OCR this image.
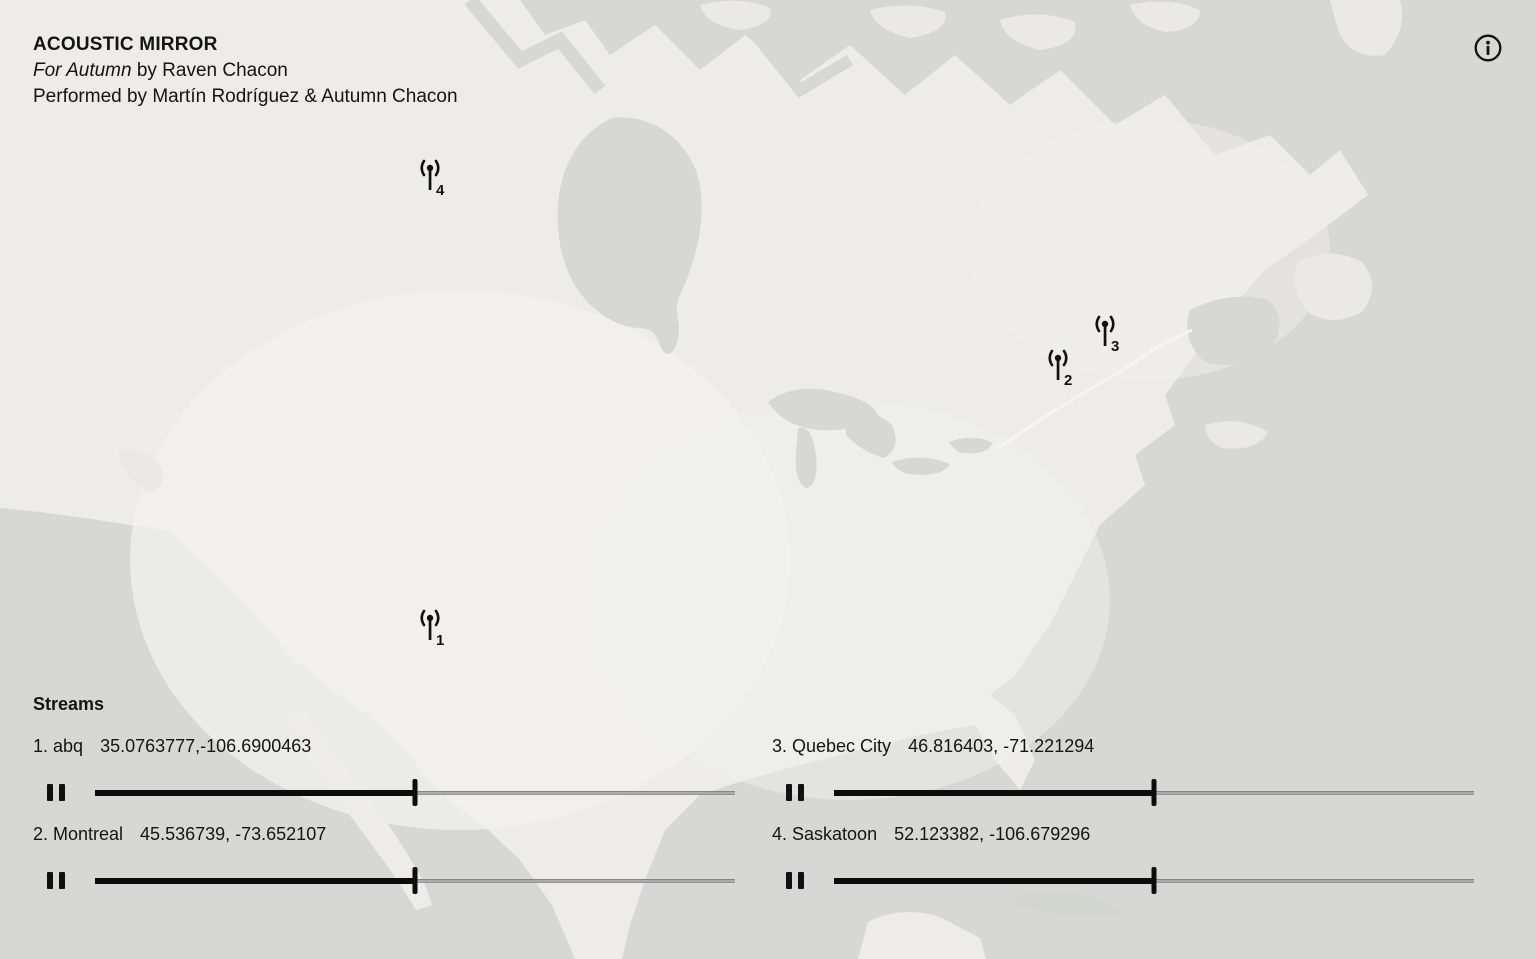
ACOUSTIC MIRROR
For Autumn by Raven Chacon
Performed by Martín Rodríguez & Autumn Chacon
1
2
3
4
Streams
1. abq 35.0763777,-106.6900463
2. Montreal 45.536739, -73.652107
3. Quebec City 46.816403, -71.221294
4. Saskatoon 52.123382, -106.679296
